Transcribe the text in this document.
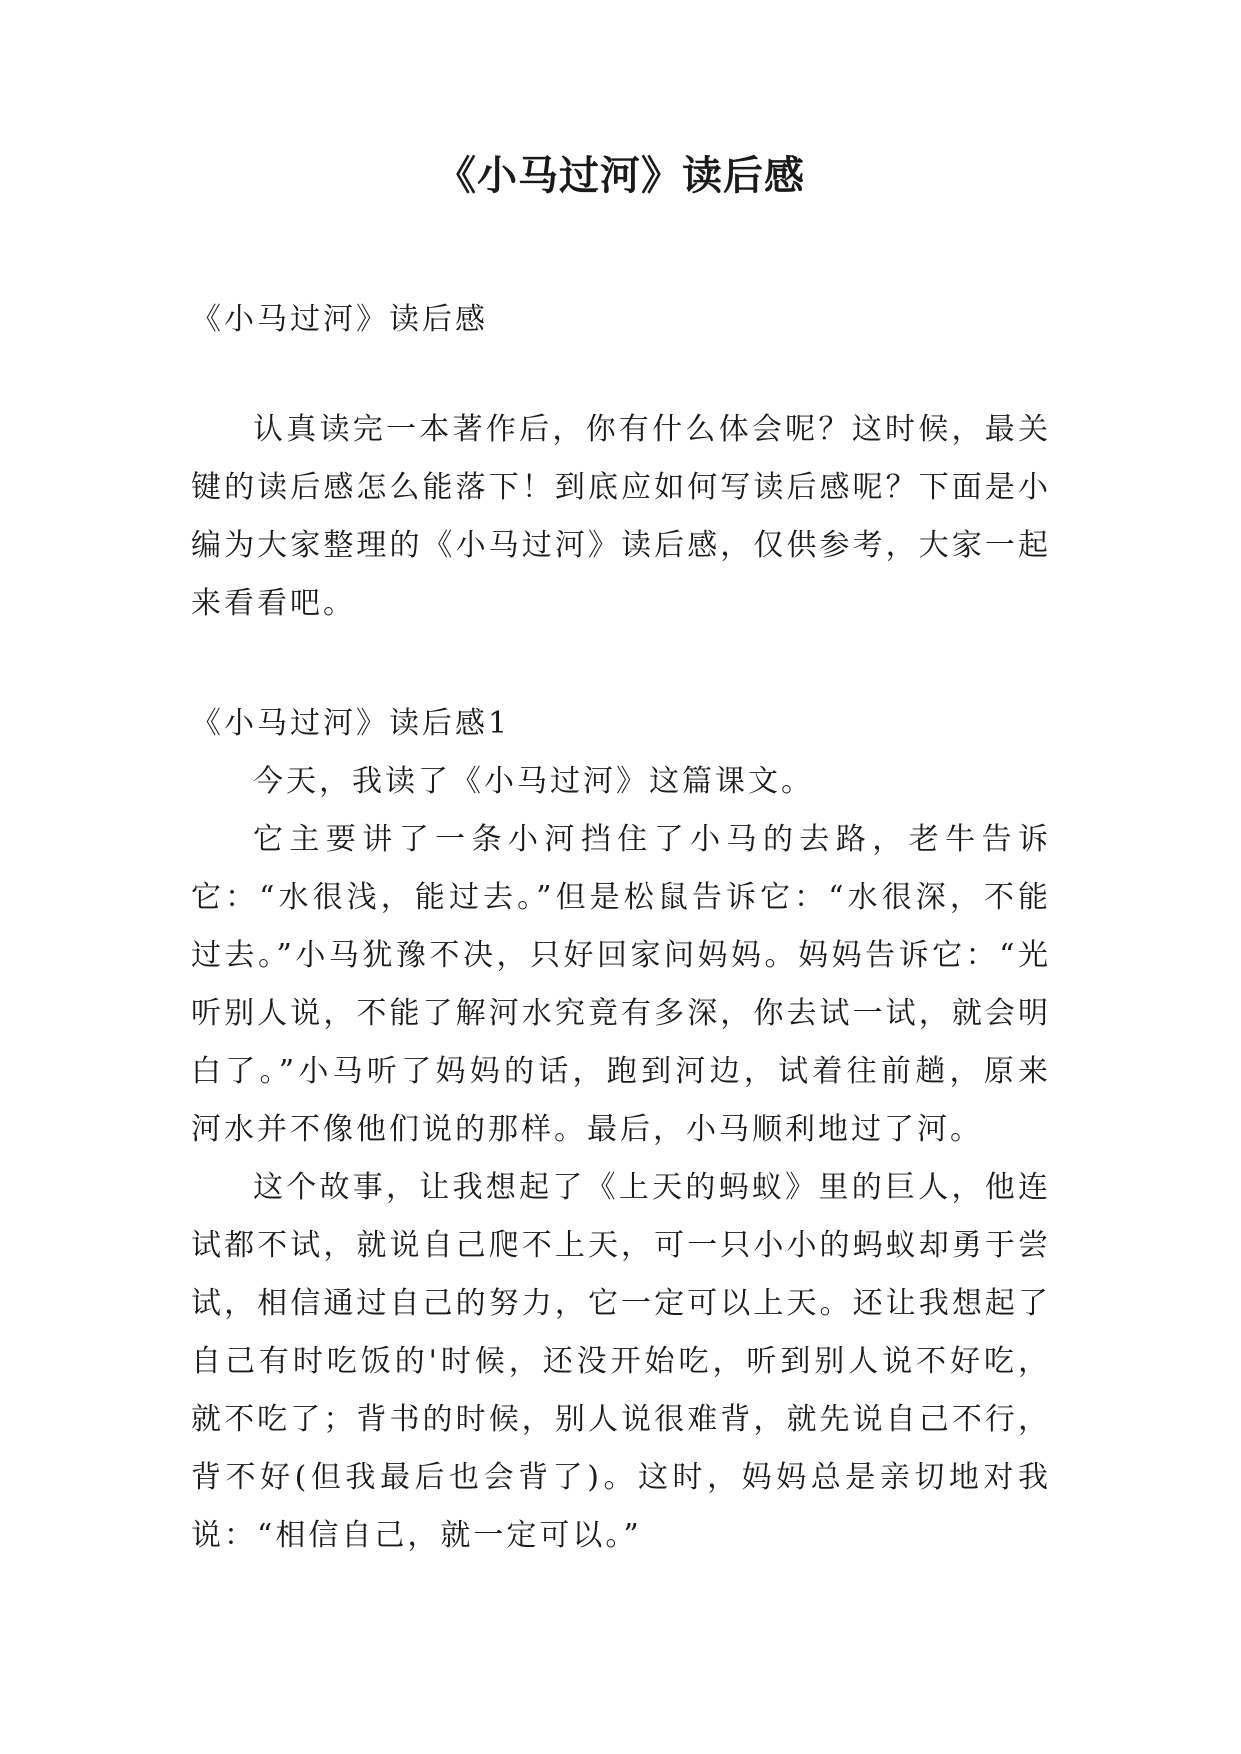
《小马过河》读后感
《小马过河》读后感
认真读完一本著作后，你有什么体会呢？这时候，最关键的读后感怎么能落下！到底应如何写读后感呢？下面是小编为大家整理的《小马过河》读后感，仅供参考，大家一起来看看吧。
《小马过河》读后感1
今天，我读了《小马过河》这篇课文。
它主要讲了一条小河挡住了小马的去路，老牛告诉它：“水很浅，能过去。”但是松鼠告诉它：“水很深，不能过去。”小马犹豫不决，只好回家问妈妈。妈妈告诉它：“光听别人说，不能了解河水究竟有多深，你去试一试，就会明白了。”小马听了妈妈的话，跑到河边，试着往前趟，原来河水并不像他们说的那样。最后，小马顺利地过了河。
这个故事，让我想起了《上天的蚂蚁》里的巨人，他连试都不试，就说自己爬不上天，可一只小小的蚂蚁却勇于尝试，相信通过自己的努力，它一定可以上天。还让我想起了自己有时吃饭的'时候，还没开始吃，听到别人说不好吃，就不吃了；背书的时候，别人说很难背，就先说自己不行，背不好(但我最后也会背了)。这时，妈妈总是亲切地对我说：“相信自己，就一定可以。”
